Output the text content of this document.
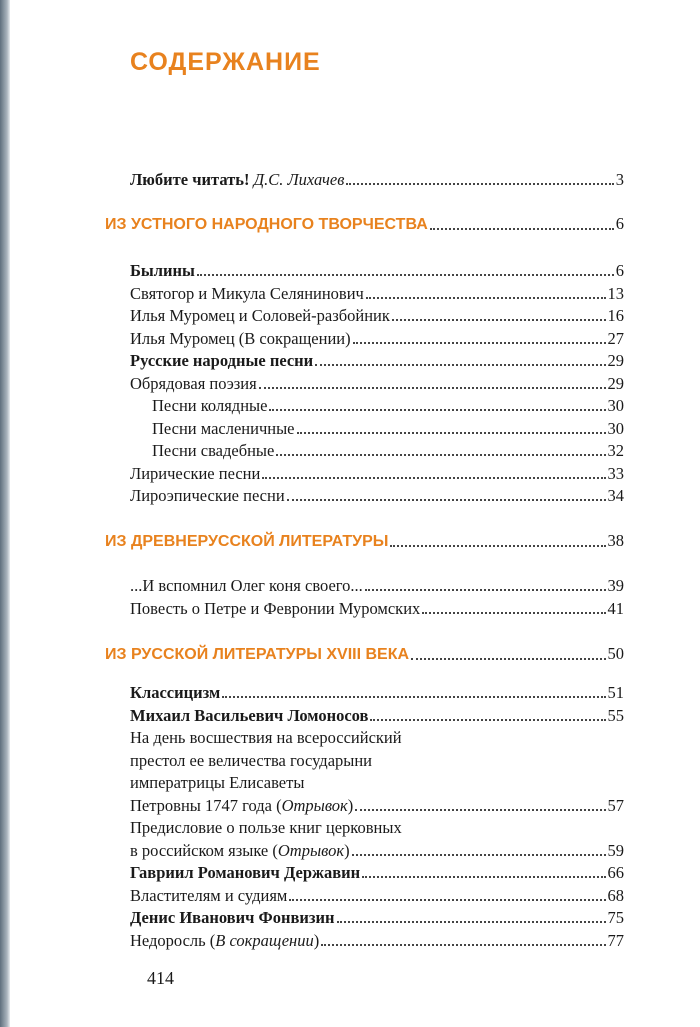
СОДЕРЖАНИЕ
Любите читать! Д.С. Лихачев	3
ИЗ УСТНОГО НАРОДНОГО ТВОРЧЕСТВА	6
Былины	6
Святогор и Микула Селянинович	13
Илья Муромец и Соловей-разбойник	16
Илья Муромец (В сокращении)	27
Русские народные песни	29
Обрядовая поэзия	29
Песни колядные	30
Песни масленичные	30
Песни свадебные	32
Лирические песни	33
Лироэпические песни	34
ИЗ ДРЕВНЕРУССКОЙ ЛИТЕРАТУРЫ	38
...И вспомнил Олег коня своего...	39
Повесть о Петре и Февронии Муромских	41
ИЗ РУССКОЙ ЛИТЕРАТУРЫ XVIII ВЕКА	50
Классицизм	51
Михаил Васильевич Ломоносов	55
На день восшествия на всероссийский
престол ее величества государыни
императрицы Елисаветы
Петровны 1747 года (Отрывок)	57
Предисловие о пользе книг церковных
в российском языке (Отрывок)	59
Гавриил Романович Державин	66
Властителям и судиям	68
Денис Иванович Фонвизин	75
Недоросль (В сокращении)	77
414
